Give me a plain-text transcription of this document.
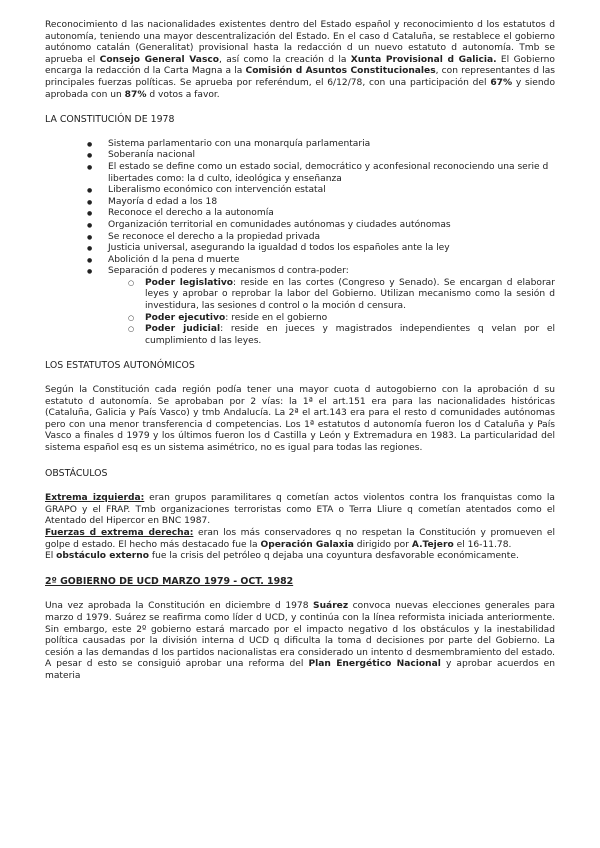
Reconocimiento d las nacionalidades existentes dentro del Estado español y reconocimiento d los estatutos d autonomía, teniendo una mayor descentralización del Estado. En el caso d Cataluña, se restablece el gobierno autónomo catalán (Generalitat) provisional hasta la redacción d un nuevo estatuto d autonomía. Tmb se aprueba el Consejo General Vasco, así como la creación d la Xunta Provisional d Galicia. El Gobierno encarga la redacción d la Carta Magna a la Comisión d Asuntos Constitucionales, con representantes d las principales fuerzas políticas. Se aprueba por referéndum, el 6/12/78, con una participación del 67% y siendo aprobada con un 87% d votos a favor.

LA CONSTITUCIÓN DE 1978

● Sistema parlamentario con una monarquía parlamentaria
● Soberanía nacional
● El estado se define como un estado social, democrático y aconfesional reconociendo una serie d libertades como: la d culto, ideológica y enseñanza
● Liberalismo económico con intervención estatal
● Mayoría d edad a los 18
● Reconoce el derecho a la autonomía
● Organización territorial en comunidades autónomas y ciudades autónomas
● Se reconoce el derecho a la propiedad privada
● Justicia universal, asegurando la igualdad d todos los españoles ante la ley
● Abolición d la pena d muerte
● Separación d poderes y mecanismos d contra-poder:
○ Poder legislativo: reside en las cortes (Congreso y Senado). Se encargan d elaborar leyes y aprobar o reprobar la labor del Gobierno. Utilizan mecanismo como la sesión d investidura, las sesiones d control o la moción d censura.
○ Poder ejecutivo: reside en el gobierno
○ Poder judicial: reside en jueces y magistrados independientes q velan por el cumplimiento d las leyes.

LOS ESTATUTOS AUTONÓMICOS

Según la Constitución cada región podía tener una mayor cuota d autogobierno con la aprobación d su estatuto d autonomía. Se aprobaban por 2 vías: la 1ª el art.151 era para las nacionalidades históricas (Cataluña, Galicia y País Vasco) y tmb Andalucía. La 2ª el art.143 era para el resto d comunidades autónomas pero con una menor transferencia d competencias. Los 1ª estatutos d autonomía fueron los d Cataluña y País Vasco a finales d 1979 y los últimos fueron los d Castilla y León y Extremadura en 1983. La particularidad del sistema español esq es un sistema asimétrico, no es igual para todas las regiones.

OBSTÁCULOS

Extrema izquierda: eran grupos paramilitares q cometían actos violentos contra los franquistas como la GRAPO y el FRAP. Tmb organizaciones terroristas como ETA o Terra Lliure q cometían atentados como el Atentado del Hipercor en BNC 1987.

Fuerzas d extrema derecha: eran los más conservadores q no respetan la Constitución y promueven el golpe d estado. El hecho más destacado fue la Operación Galaxia dirigido por A.Tejero el 16-11.78.

El obstáculo externo fue la crisis del petróleo q dejaba una coyuntura desfavorable económicamente.

2º GOBIERNO DE UCD MARZO 1979 - OCT. 1982

Una vez aprobada la Constitución en diciembre d 1978 Suárez convoca nuevas elecciones generales para marzo d 1979. Suárez se reafirma como líder d UCD, y continúa con la línea reformista iniciada anteriormente. Sin embargo, este 2º gobierno estará marcado por el impacto negativo d los obstáculos y la inestabilidad política causadas por la división interna d UCD q dificulta la toma d decisiones por parte del Gobierno. La cesión a las demandas d los partidos nacionalistas era considerado un intento d desmembramiento del estado. A pesar d esto se consiguió aprobar una reforma del Plan Energético Nacional y aprobar acuerdos en materia
